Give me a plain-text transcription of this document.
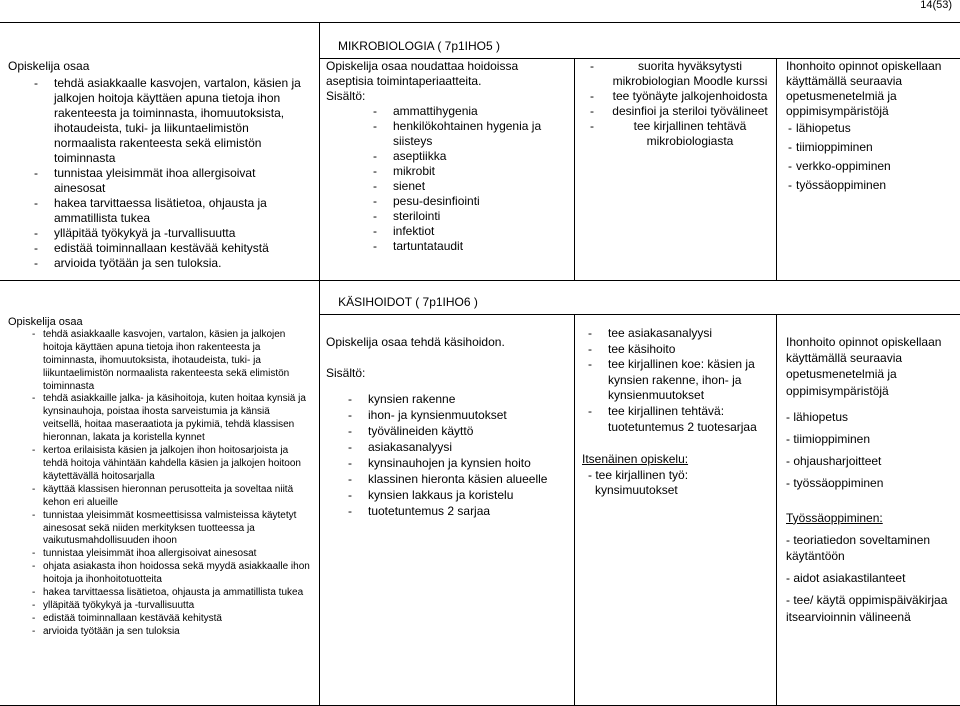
14(53)
MIKROBIOLOGIA ( 7p1IHO5 )
Opiskelija osaa
- tehdä asiakkaalle kasvojen, vartalon, käsien ja jalkojen hoitoja käyttäen apuna tietoja ihon rakenteesta ja toiminnasta, ihomuutoksista, ihotaudeista, tuki- ja liikuntaelimistön normaalista rakenteesta sekä elimistön toiminnasta
- tunnistaa yleisimmät ihoa allergisoivat ainesosat
- hakea tarvittaessa lisätietoa, ohjausta ja ammatillista tukea
- ylläpitää työkykyä ja -turvallisuutta
- edistää toiminnallaan kestävää kehitystä
- arvioida työtään ja sen tuloksia.
Opiskelija osaa noudattaa hoidoissa aseptisia toimintaperiaatteita.
Sisältö:
- ammattihygenia
- henkilökohtainen hygenia ja siisteys
- aseptiikka
- mikrobit
- sienet
- pesu-desinfiointi
- sterilointi
- infektiot
- tartuntataudit
- suorita hyväksytysti mikrobiologian Moodle kurssi
- tee työnäyte jalkojenhoidosta
- desinfioi ja steriloi työvälineet
- tee kirjallinen tehtävä mikrobiologiasta
Ihonhoito opinnot opiskellaan käyttämällä seuraavia opetusmenetelmiä ja oppimisympäristöjä
- lähiopetus
- tiimioppiminen
- verkko-oppiminen
- työssäoppiminen
KÄSIHOIDOT ( 7p1IHO6 )
Opiskelija osaa
- tehdä asiakkaalle kasvojen, vartalon, käsien ja jalkojen hoitoja käyttäen apuna tietoja ihon rakenteesta ja toiminnasta, ihomuutoksista, ihotaudeista, tuki- ja liikuntaelimistön normaalista rakenteesta sekä elimistön toiminnasta
- tehdä asiakkaille jalka- ja käsihoitoja, kuten hoitaa kynsiä ja kynsinauhoja, poistaa ihosta sarveistumia ja känsiä veitsellä, hoitaa maseraatiota ja pykimiä, tehdä klassisen hieronnan, lakata ja koristella kynnet
- kertoa erilaisista käsien ja jalkojen ihon hoitosarjoista ja tehdä hoitoja vähintään kahdella käsien ja jalkojen hoitoon käytettävällä hoitosarjalla
- käyttää klassisen hieronnan perusotteita ja soveltaa niitä kehon eri alueille
- tunnistaa yleisimmät kosmeettisissa valmisteissa käytetyt ainesosat sekä niiden merkityksen tuotteessa ja vaikutusmahdollisuuden ihoon
- tunnistaa yleisimmät ihoa allergisoivat ainesosat
- ohjata asiakasta ihon hoidossa sekä myydä asiakkaalle ihon hoitoja ja ihonhoitotuotteita
- hakea tarvittaessa lisätietoa, ohjausta ja ammatillista tukea
- ylläpitää työkykyä ja -turvallisuutta
- edistää toiminnallaan kestävää kehitystä
- arvioida työtään ja sen tuloksia
Opiskelija osaa tehdä käsihoidon.
Sisältö:
- kynsien rakenne
- ihon- ja kynsienmuutokset
- työvälineiden käyttö
- asiakasanalyysi
- kynsinauhojen ja kynsien hoito
- klassinen hieronta käsien alueelle
- kynsien lakkaus ja koristelu
- tuotetuntemus 2 sarjaa
- tee asiakasanalyysi
- tee käsihoito
- tee kirjallinen koe: käsien ja kynsien rakenne, ihon- ja kynsienmuutokset
- tee kirjallinen tehtävä: tuotetuntemus 2 tuotesarjaa
Itsenäinen opiskelu:
- tee kirjallinen työ:
kynsimuutokset
Ihonhoito opinnot opiskellaan käyttämällä seuraavia opetusmenetelmiä ja oppimisympäristöjä
- lähiopetus
- tiimioppiminen
- ohjausharjoitteet
- työssäoppiminen
Työssäoppiminen:
- teoriatiedon soveltaminen käytäntöön
- aidot asiakastilanteet
- tee/ käytä oppimispäiväkirjaa itsearvioinnin välineenä
